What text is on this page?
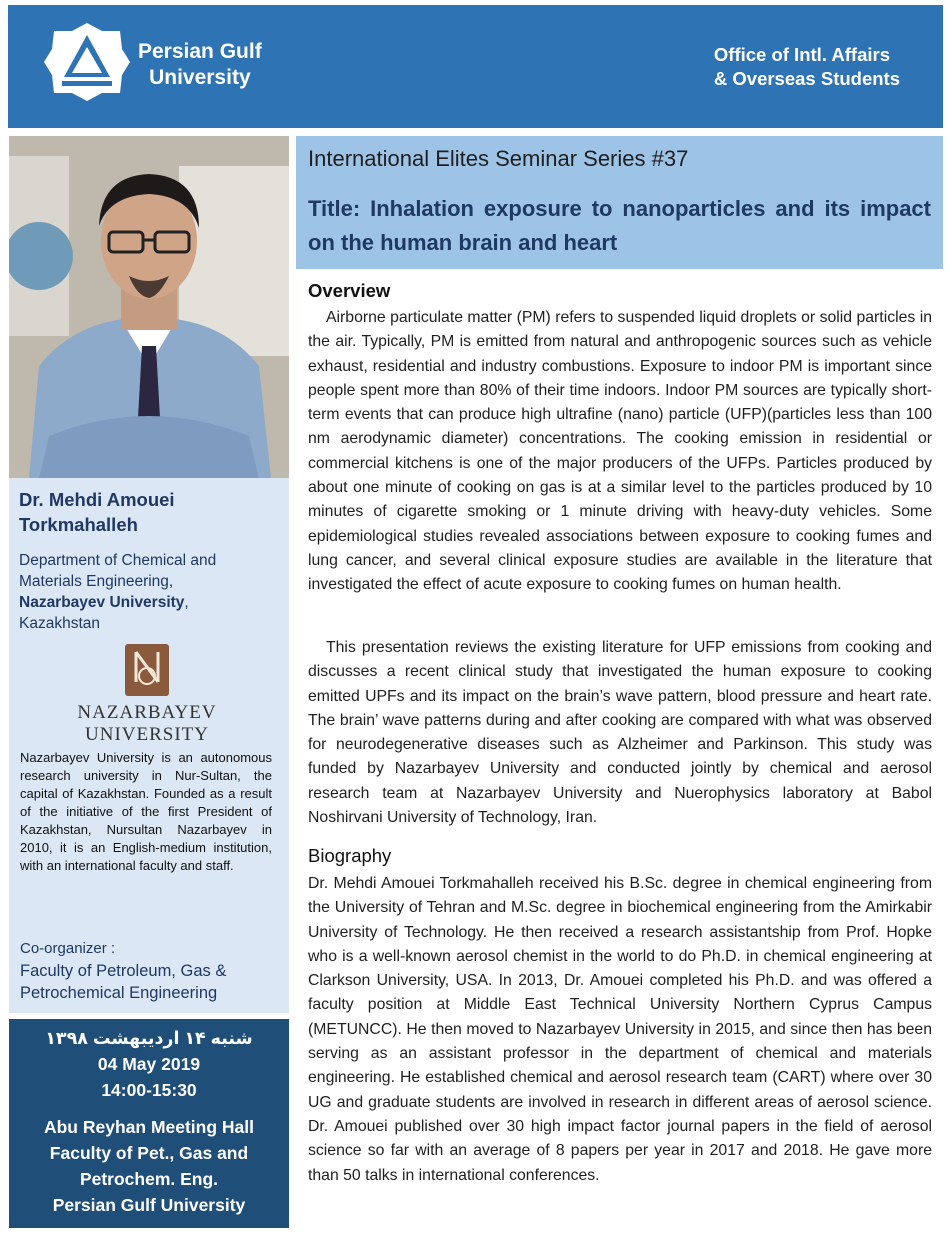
Persian Gulf
University
Office of Intl. Affairs
& Overseas Students
Dr. Mehdi Amouei Torkmahalleh
Department of Chemical and Materials Engineering,
Nazarbayev University,
Kazakhstan
NAZARBAYEV
UNIVERSITY
Nazarbayev University is an autonomous research university in Nur-Sultan, the capital of Kazakhstan. Founded as a result of the initiative of the first President of Kazakhstan, Nursultan Nazarbayev in 2010, it is an English-medium institution, with an international faculty and staff.
Co-organizer :
Faculty of Petroleum, Gas & Petrochemical Engineering
شنبه ۱۴ اردیبهشت ۱۳۹۸
04 May 2019
14:00-15:30
Abu Reyhan Meeting Hall
Faculty of Pet., Gas and
Petrochem. Eng.
Persian Gulf University
International Elites Seminar Series #37
Title: Inhalation exposure to nanoparticles and its impact on the human brain and heart
Overview

Airborne particulate matter (PM) refers to suspended liquid droplets or solid particles in the air. Typically, PM is emitted from natural and anthropogenic sources such as vehicle exhaust, residential and industry combustions. Exposure to indoor PM is important since people spent more than 80% of their time indoors. Indoor PM sources are typically short-term events that can produce high ultrafine (nano) particle (UFP)(particles less than 100 nm aerodynamic diameter) concentrations. The cooking emission in residential or commercial kitchens is one of the major producers of the UFPs. Particles produced by about one minute of cooking on gas is at a similar level to the particles produced by 10 minutes of cigarette smoking or 1 minute driving with heavy-duty vehicles. Some epidemiological studies revealed associations between exposure to cooking fumes and lung cancer, and several clinical exposure studies are available in the literature that investigated the effect of acute exposure to cooking fumes on human health.

This presentation reviews the existing literature for UFP emissions from cooking and discusses a recent clinical study that investigated the human exposure to cooking emitted UPFs and its impact on the brain’s wave pattern, blood pressure and heart rate. The brain’ wave patterns during and after cooking are compared with what was observed for neurodegenerative diseases such as Alzheimer and Parkinson. This study was funded by Nazarbayev University and conducted jointly by chemical and aerosol research team at Nazarbayev University and Nuerophysics laboratory at Babol Noshirvani University of Technology, Iran.

Biography

Dr. Mehdi Amouei Torkmahalleh received his B.Sc. degree in chemical engineering from the University of Tehran and M.Sc. degree in biochemical engineering from the Amirkabir University of Technology. He then received a research assistantship from Prof. Hopke who is a well-known aerosol chemist in the world to do Ph.D. in chemical engineering at Clarkson University, USA. In 2013, Dr. Amouei completed his Ph.D. and was offered a faculty position at Middle East Technical University Northern Cyprus Campus (METUNCC). He then moved to Nazarbayev University in 2015, and since then has been serving as an assistant professor in the department of chemical and materials engineering. He established chemical and aerosol research team (CART) where over 30 UG and graduate students are involved in research in different areas of aerosol science. Dr. Amouei published over 30 high impact factor journal papers in the field of aerosol science so far with an average of 8 papers per year in 2017 and 2018. He gave more than 50 talks in international conferences.
